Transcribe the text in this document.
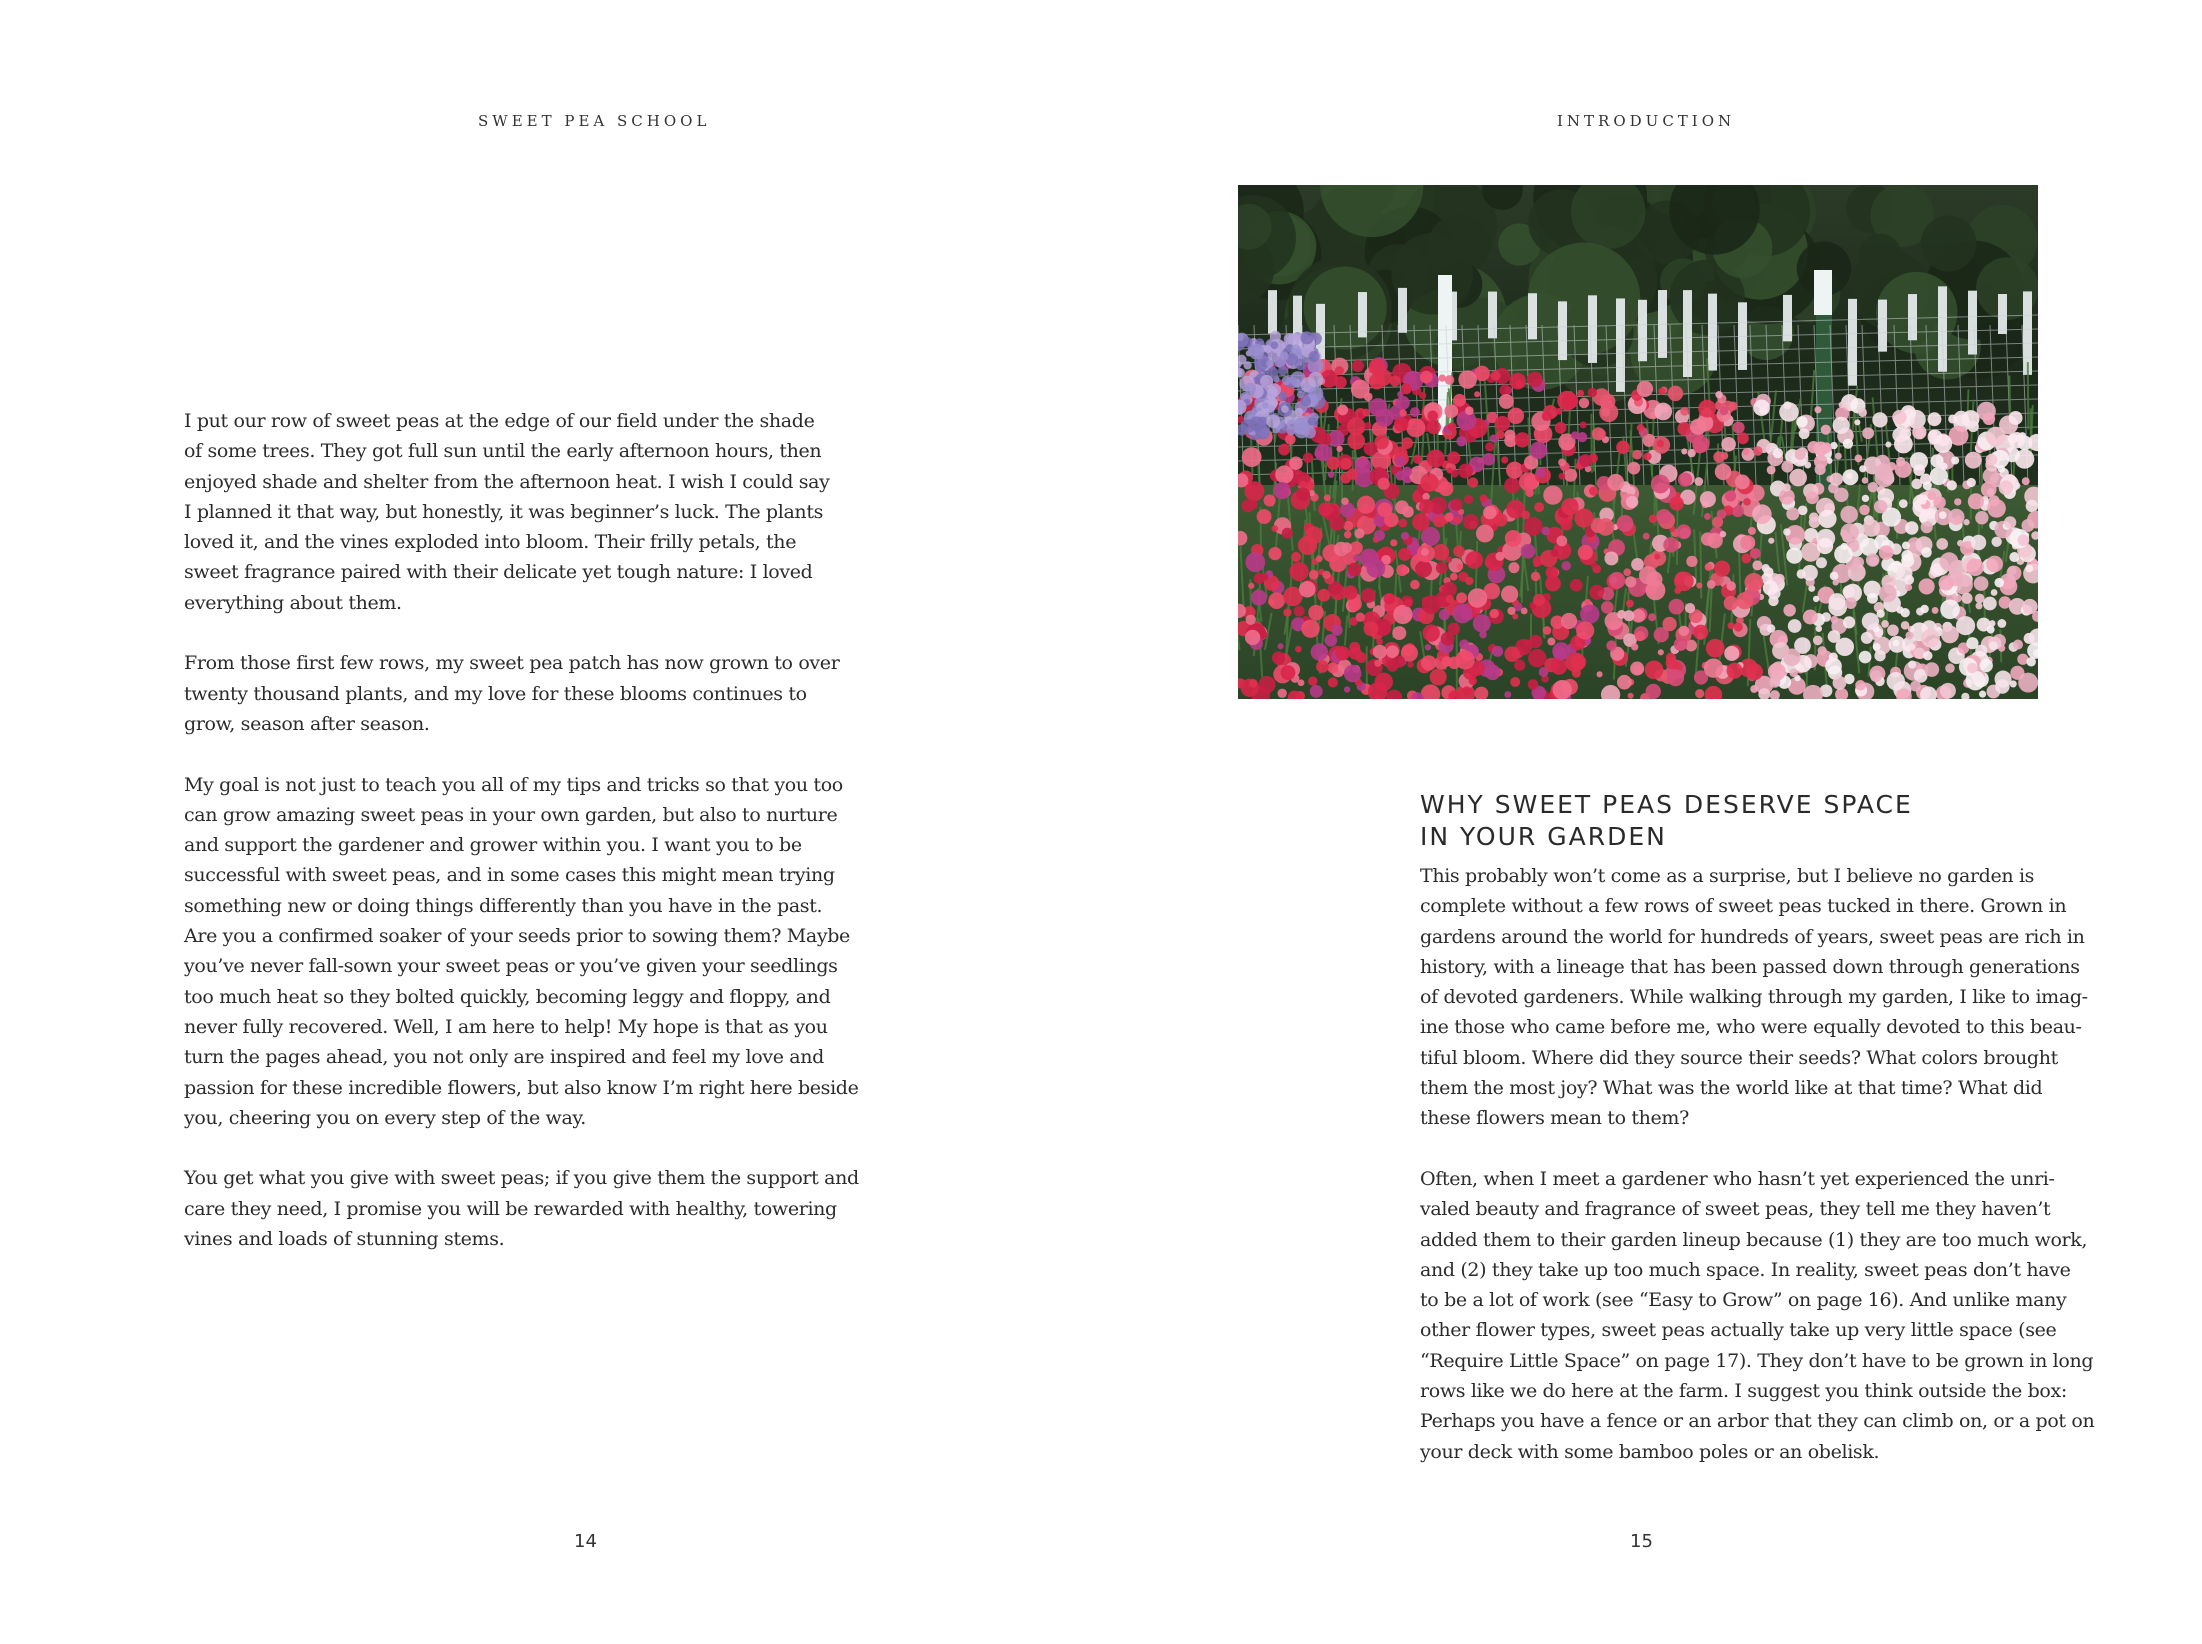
SWEET PEA SCHOOL	INTRODUCTION

I put our row of sweet peas at the edge of our field under the shade
of some trees. They got full sun until the early afternoon hours, then
enjoyed shade and shelter from the afternoon heat. I wish I could say
I planned it that way, but honestly, it was beginner’s luck. The plants
loved it, and the vines exploded into bloom. Their frilly petals, the
sweet fragrance paired with their delicate yet tough nature: I loved
everything about them.

From those first few rows, my sweet pea patch has now grown to over
twenty thousand plants, and my love for these blooms continues to
grow, season after season.

My goal is not just to teach you all of my tips and tricks so that you too
can grow amazing sweet peas in your own garden, but also to nurture
and support the gardener and grower within you. I want you to be
successful with sweet peas, and in some cases this might mean trying
something new or doing things differently than you have in the past.
Are you a confirmed soaker of your seeds prior to sowing them? Maybe
you’ve never fall-sown your sweet peas or you’ve given your seedlings
too much heat so they bolted quickly, becoming leggy and floppy, and
never fully recovered. Well, I am here to help! My hope is that as you
turn the pages ahead, you not only are inspired and feel my love and
passion for these incredible flowers, but also know I’m right here beside
you, cheering you on every step of the way.

You get what you give with sweet peas; if you give them the support and
care they need, I promise you will be rewarded with healthy, towering
vines and loads of stunning stems.

WHY SWEET PEAS DESERVE SPACE
IN YOUR GARDEN

This probably won’t come as a surprise, but I believe no garden is
complete without a few rows of sweet peas tucked in there. Grown in
gardens around the world for hundreds of years, sweet peas are rich in
history, with a lineage that has been passed down through generations
of devoted gardeners. While walking through my garden, I like to imag-
ine those who came before me, who were equally devoted to this beau-
tiful bloom. Where did they source their seeds? What colors brought
them the most joy? What was the world like at that time? What did
these flowers mean to them?

Often, when I meet a gardener who hasn’t yet experienced the unri-
valed beauty and fragrance of sweet peas, they tell me they haven’t
added them to their garden lineup because (1) they are too much work,
and (2) they take up too much space. In reality, sweet peas don’t have
to be a lot of work (see “Easy to Grow” on page 16). And unlike many
other flower types, sweet peas actually take up very little space (see
“Require Little Space” on page 17). They don’t have to be grown in long
rows like we do here at the farm. I suggest you think outside the box:
Perhaps you have a fence or an arbor that they can climb on, or a pot on
your deck with some bamboo poles or an obelisk.

14	15
